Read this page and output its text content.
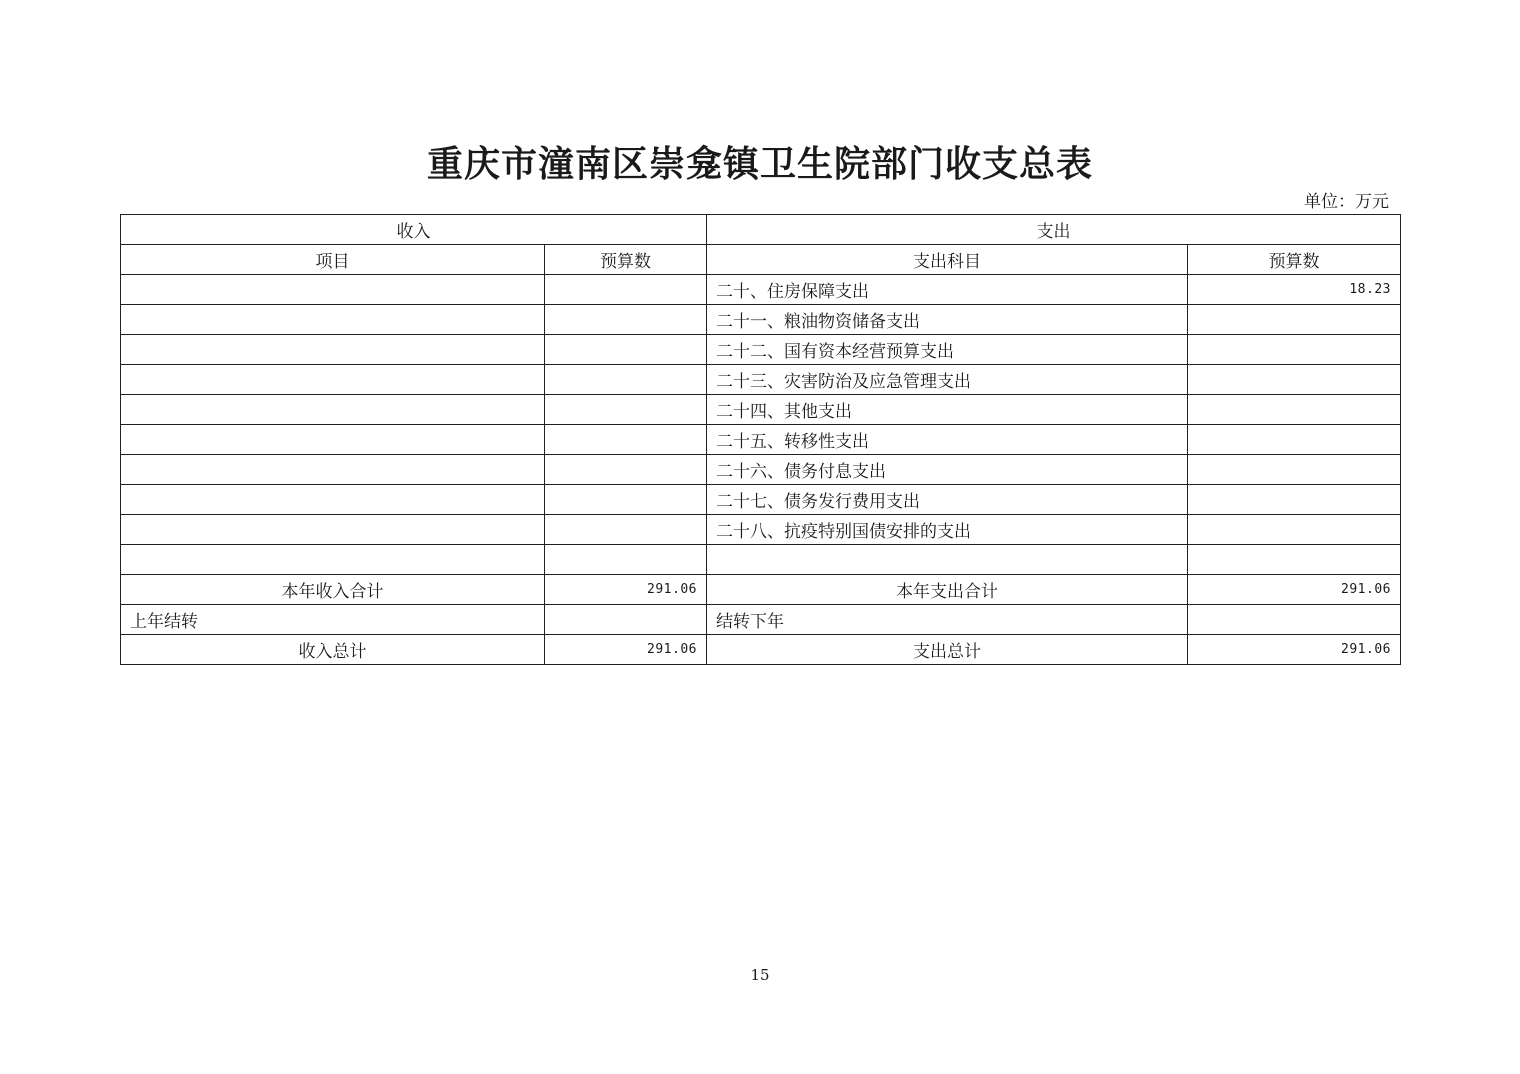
重庆市潼南区崇龛镇卫生院部门收支总表
单位：万元
收入		支出	
项目	预算数	支出科目	预算数
		二十、住房保障支出	18.23
		二十一、粮油物资储备支出	
		二十二、国有资本经营预算支出	
		二十三、灾害防治及应急管理支出	
		二十四、其他支出	
		二十五、转移性支出	
		二十六、债务付息支出	
		二十七、债务发行费用支出	
		二十八、抗疫特别国债安排的支出	

本年收入合计	291.06	本年支出合计	291.06
上年结转		结转下年	
收入总计	291.06	支出总计	291.06
15
